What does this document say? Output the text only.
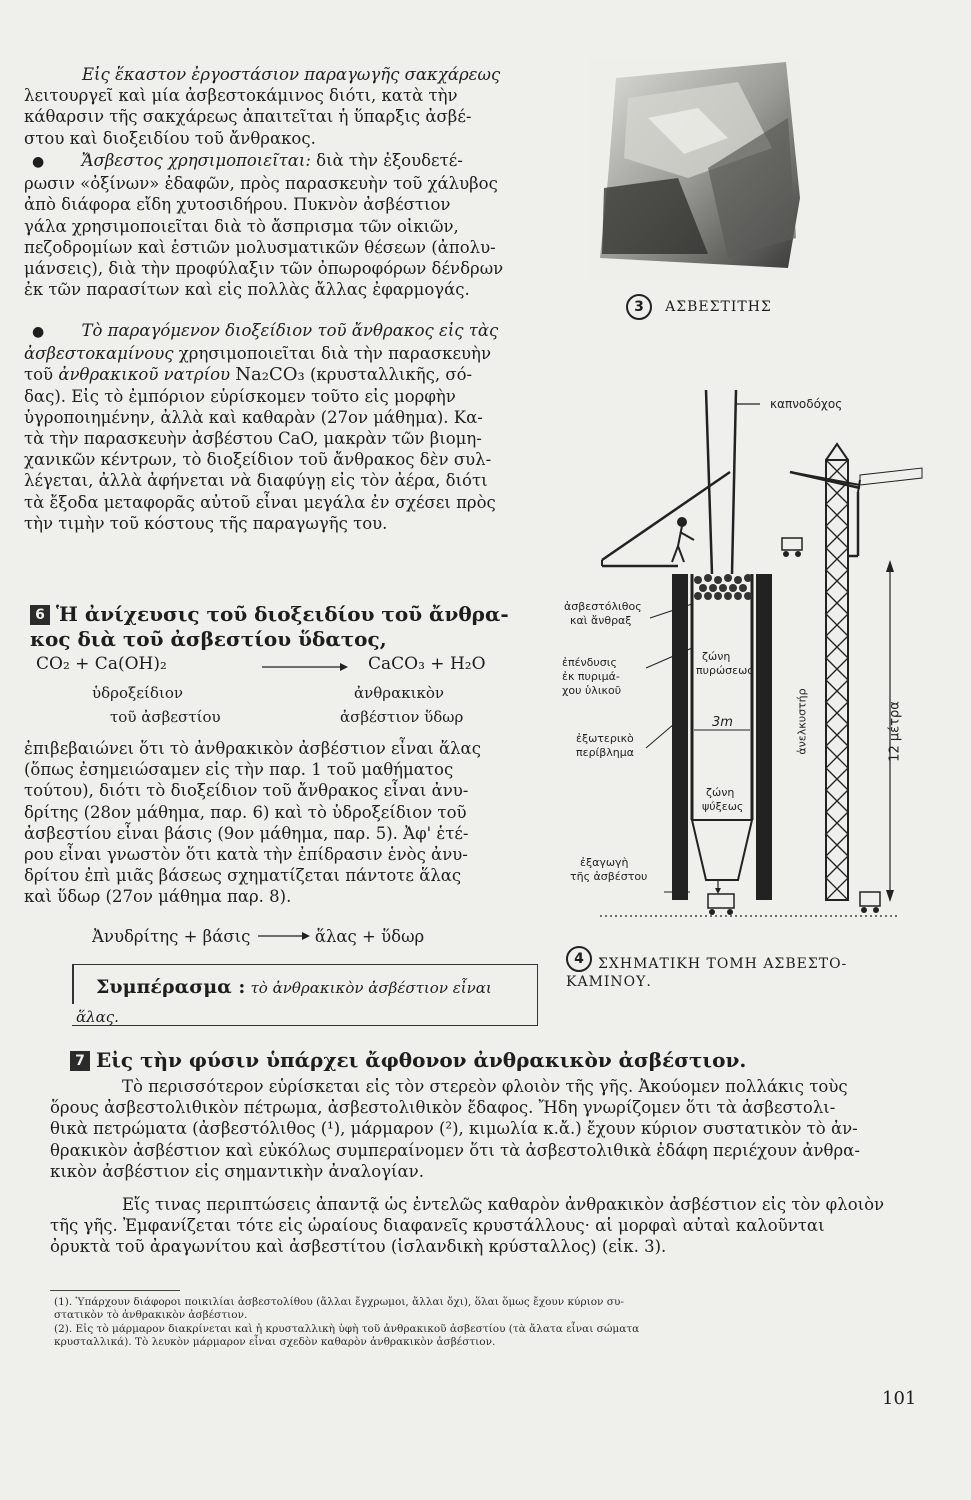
Εἰς ἕκαστον ἐργοστάσιον παραγωγῆς σακχάρεως

λειτουργεῖ καὶ μία ἀσβεστοκάμινος διότι, κατὰ τὴν

κάθαρσιν τῆς σακχάρεως ἀπαιτεῖται ἡ ὕπαρξις ἀσβέ-

στου καὶ διοξειδίου τοῦ ἄνθρακος.

● Ἄσβεστος χρησιμοποιεῖται: διὰ τὴν ἐξουδετέ-

ρωσιν «ὀξίνων» ἐδαφῶν, πρὸς παρασκευὴν τοῦ χάλυβος

ἀπὸ διάφορα εἴδη χυτοσιδήρου. Πυκνὸν ἀσβέστιον

γάλα χρησιμοποιεῖται διὰ τὸ ἄσπρισμα τῶν οἰκιῶν,

πεζοδρομίων καὶ ἑστιῶν μολυσματικῶν θέσεων (ἀπολυ-

μάνσεις), διὰ τὴν προφύλαξιν τῶν ὀπωροφόρων δένδρων

ἐκ τῶν παρασίτων καὶ εἰς πολλὰς ἄλλας ἐφαρμογάς.

● Τὸ παραγόμενον διοξείδιον τοῦ ἄνθρακος εἰς τὰς

ἀσβεστοκαμίνους χρησιμοποιεῖται διὰ τὴν παρασκευὴν

τοῦ ἀνθρακικοῦ νατρίου Na₂CO₃ (κρυσταλλικῆς, σό-

δας). Εἰς τὸ ἐμπόριον εὑρίσκομεν τοῦτο εἰς μορφὴν

ὑγροποιημένην, ἀλλὰ καὶ καθαρὰν (27ον μάθημα). Κα-

τὰ τὴν παρασκευὴν ἀσβέστου CaO, μακρὰν τῶν βιομη-

χανικῶν κέντρων, τὸ διοξείδιον τοῦ ἄνθρακος δὲν συλ-

λέγεται, ἀλλὰ ἀφήνεται νὰ διαφύγῃ εἰς τὸν ἀέρα, διότι

τὰ ἔξοδα μεταφορᾶς αὐτοῦ εἶναι μεγάλα ἐν σχέσει πρὸς

τὴν τιμὴν τοῦ κόστους τῆς παραγωγῆς του.

6 Ἡ ἀνίχευσις τοῦ διοξειδίου τοῦ ἄνθρα-
κος διὰ τοῦ ἀσβεστίου ὕδατος,
CO₂ + Ca(OH)₂	CaCO₃ + H₂O
ὑδροξείδιον
τοῦ ἀσβεστίου
ἀνθρακικὸν
ἀσβέστιον ὕδωρ

ἐπιβεβαιώνει ὅτι τὸ ἀνθρακικὸν ἀσβέστιον εἶναι ἅλας

(ὅπως ἐσημειώσαμεν εἰς τὴν παρ. 1 τοῦ μαθήματος

τούτου), διότι τὸ διοξείδιον τοῦ ἄνθρακος εἶναι ἀνυ-

δρίτης (28ον μάθημα, παρ. 6) καὶ τὸ ὑδροξείδιον τοῦ

ἀσβεστίου εἶναι βάσις (9ον μάθημα, παρ. 5). Ἀφ' ἑτέ-

ρου εἶναι γνωστὸν ὅτι κατὰ τὴν ἐπίδρασιν ἑνὸς ἀνυ-

δρίτου ἐπὶ μιᾶς βάσεως σχηματίζεται πάντοτε ἅλας

καὶ ὕδωρ (27ον μάθημα παρ. 8).

Ἀνυδρίτης + βάσις → ἅλας + ὕδωρ
Συμπέρασμα : τὸ ἀνθρακικὸν ἀσβέστιον εἶναι
ἅλας.
3 ΑΣΒΕΣΤΙΤΗΣ
καπνοδόχος
ἀσβεστόλιθος
καὶ ἄνθραξ
ἐπένδυσις
ἐκ πυριμά-
χου ὑλικοῦ
ἐξωτερικὸ
περίβλημα
ζώνη
πυρώσεως
3m
ζώνη
ψύξεως
ἐξαγωγὴ
τῆς ἀσβέστου
ἀνελκυστήρ	12 μέτρα
4	ΣΧΗΜΑΤΙΚΗ ΤΟΜΗ ΑΣΒΕΣΤΟ-
ΚΑΜΙΝΟΥ.
7 Εἰς τὴν φύσιν ὑπάρχει ἄφθονον ἀνθρακικὸν ἀσβέστιον.

Τὸ περισσότερον εὑρίσκεται εἰς τὸν στερεὸν φλοιὸν τῆς γῆς. Ἀκούομεν πολλάκις τοὺς

ὅρους ἀσβεστολιθικὸν πέτρωμα, ἀσβεστολιθικὸν ἔδαφος. Ἤδη γνωρίζομεν ὅτι τὰ ἀσβεστολι-

θικὰ πετρώματα (ἀσβεστόλιθος (¹), μάρμαρον (²), κιμωλία κ.ἄ.) ἔχουν κύριον συστατικὸν τὸ ἀν-

θρακικὸν ἀσβέστιον καὶ εὐκόλως συμπεραίνομεν ὅτι τὰ ἀσβεστολιθικὰ ἐδάφη περιέχουν ἀνθρα-

κικὸν ἀσβέστιον εἰς σημαντικὴν ἀναλογίαν.

Εἴς τινας περιπτώσεις ἀπαντᾷ ὡς ἐντελῶς καθαρὸν ἀνθρακικὸν ἀσβέστιον εἰς τὸν φλοιὸν

τῆς γῆς. Ἐμφανίζεται τότε εἰς ὡραίους διαφανεῖς κρυστάλλους· αἱ μορφαὶ αὐταὶ καλοῦνται

ὀρυκτὰ τοῦ ἀραγωνίτου καὶ ἀσβεστίτου (ἰσλανδικὴ κρύσταλλος) (εἰκ. 3).

(1). Ὑπάρχουν διάφοροι ποικιλίαι ἀσβεστολίθου (ἄλλαι ἔγχρωμοι, ἄλλαι ὄχι), ὅλαι ὅμως ἔχουν κύριον συ-

στατικὸν τὸ ἀνθρακικὸν ἀσβέστιον.

(2). Εἰς τὸ μάρμαρον διακρίνεται καὶ ἡ κρυσταλλικὴ ὑφὴ τοῦ ἀνθρακικοῦ ἀσβεστίου (τὰ ἄλατα εἶναι σώματα

κρυσταλλικά). Τὸ λευκὸν μάρμαρον εἶναι σχεδὸν καθαρὸν ἀνθρακικὸν ἀσβέστιον.

101
